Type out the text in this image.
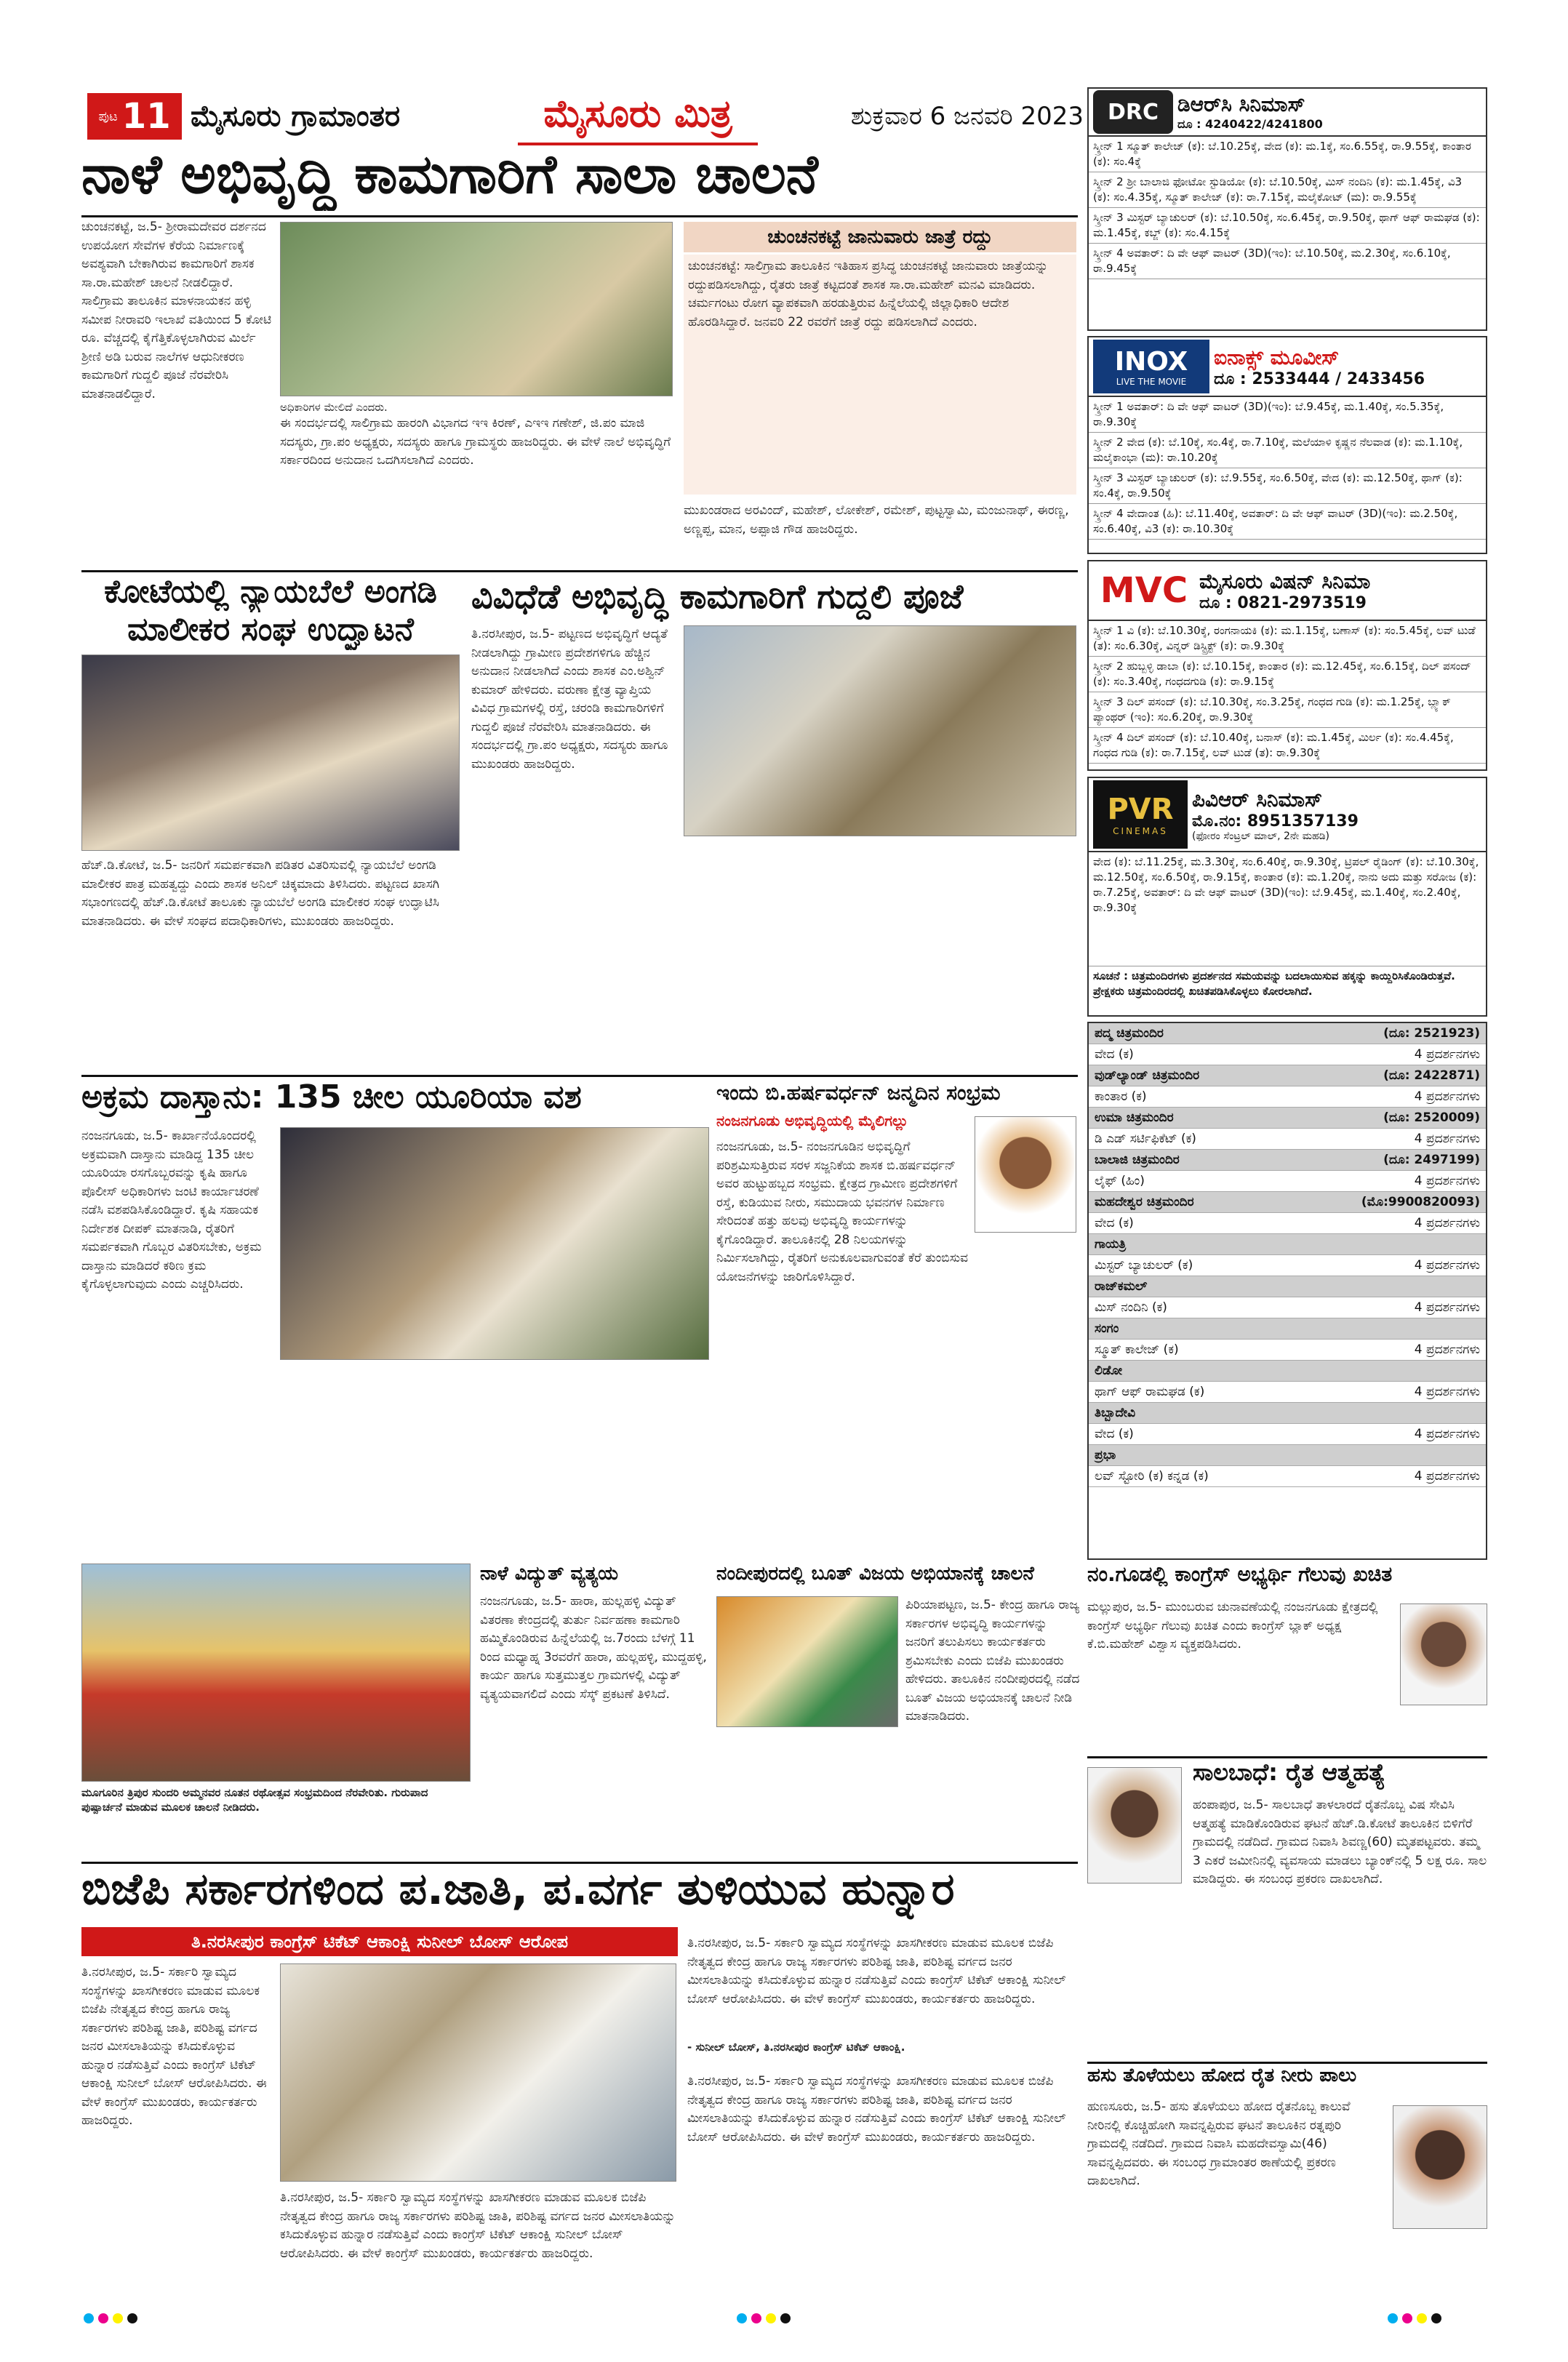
ಪುಟ 11 ಮೈಸೂರು ಗ್ರಾಮಾಂತರ	ಮೈಸೂರು ಮಿತ್ರ	ಶುಕ್ರವಾರ 6 ಜನವರಿ 2023
ನಾಳೆ ಅಭಿವೃದ್ಧಿ ಕಾಮಗಾರಿಗೆ ಸಾಲಾ ಚಾಲನೆ
ಚುಂಚನಕಟ್ಟೆ, ಜ.5- ಶ್ರೀರಾಮದೇವರ ದರ್ಶನದ ಉಪಯೋಗ ಸೇವೆಗಳ ಕೆರೆಯ ನಿರ್ಮಾಣಕ್ಕೆ ಅವಶ್ಯವಾಗಿ ಬೇಕಾಗಿರುವ ಕಾಮಗಾರಿಗೆ ಶಾಸಕ ಸಾ.ರಾ.ಮಹೇಶ್ ಚಾಲನೆ ನೀಡಲಿದ್ದಾರೆ. ಸಾಲಿಗ್ರಾಮ ತಾಲೂಕಿನ ಮಾಳನಾಯಕನ ಹಳ್ಳಿ ಸಮೀಪ ನೀರಾವರಿ ಇಲಾಖೆ ವತಿಯಿಂದ 5 ಕೋಟಿ ರೂ. ವೆಚ್ಚದಲ್ಲಿ ಕೈಗೆತ್ತಿಕೊಳ್ಳಲಾಗಿರುವ ಮಿರ್ಲೆ ಶ್ರೀಣಿ ಅಡಿ ಬರುವ ನಾಲೆಗಳ ಆಧುನೀಕರಣ ಕಾಮಗಾರಿಗೆ ಗುದ್ದಲಿ ಪೂಜೆ ನೆರವೇರಿಸಿ ಮಾತನಾಡಲಿದ್ದಾರೆ.
ಅಧಿಕಾರಿಗಳ ಮೇಲಿದೆ ಎಂದರು.
ಈ ಸಂದರ್ಭದಲ್ಲಿ ಸಾಲಿಗ್ರಾಮ ಹಾರಂಗಿ ವಿಭಾಗದ ಇಇ ಕಿರಣ್, ಎಇಇ ಗಣೇಶ್, ಜಿ.ಪಂ ಮಾಜಿ ಸದಸ್ಯರು, ಗ್ರಾ.ಪಂ ಅಧ್ಯಕ್ಷರು, ಸದಸ್ಯರು ಹಾಗೂ ಗ್ರಾಮಸ್ಥರು ಹಾಜರಿದ್ದರು. ಈ ವೇಳೆ ನಾಲೆ ಅಭಿವೃದ್ಧಿಗೆ ಸರ್ಕಾರದಿಂದ ಅನುದಾನ ಒದಗಿಸಲಾಗಿದೆ ಎಂದರು.
ಚುಂಚನಕಟ್ಟೆ ಜಾನುವಾರು ಜಾತ್ರೆ ರದ್ದು
ಚುಂಚನಕಟ್ಟೆ: ಸಾಲಿಗ್ರಾಮ ತಾಲೂಕಿನ ಇತಿಹಾಸ ಪ್ರಸಿದ್ಧ ಚುಂಚನಕಟ್ಟೆ ಜಾನುವಾರು ಜಾತ್ರೆಯನ್ನು ರದ್ದುಪಡಿಸಲಾಗಿದ್ದು, ರೈತರು ಜಾತ್ರೆ ಕಟ್ಟದಂತೆ ಶಾಸಕ ಸಾ.ರಾ.ಮಹೇಶ್ ಮನವಿ ಮಾಡಿದರು. ಚರ್ಮಗಂಟು ರೋಗ ವ್ಯಾಪಕವಾಗಿ ಹರಡುತ್ತಿರುವ ಹಿನ್ನೆಲೆಯಲ್ಲಿ ಜಿಲ್ಲಾಧಿಕಾರಿ ಆದೇಶ ಹೊರಡಿಸಿದ್ದಾರೆ. ಜನವರಿ 22 ರವರೆಗೆ ಜಾತ್ರೆ ರದ್ದು ಪಡಿಸಲಾಗಿದೆ ಎಂದರು.
ಮುಖಂಡರಾದ ಅರವಿಂದ್, ಮಹೇಶ್, ಲೋಕೇಶ್, ರಮೇಶ್, ಪುಟ್ಟಸ್ವಾಮಿ, ಮಂಜುನಾಥ್, ಈರಣ್ಣ, ಅಣ್ಣಪ್ಪ, ಮಾನ, ಅಪ್ಪಾಜಿ ಗೌಡ ಹಾಜರಿದ್ದರು.
ಕೋಟೆಯಲ್ಲಿ ನ್ಯಾಯಬೆಲೆ ಅಂಗಡಿ
ಮಾಲೀಕರ ಸಂಘ ಉದ್ಘಾಟನೆ
ಹೆಚ್.ಡಿ.ಕೋಟೆ, ಜ.5- ಜನರಿಗೆ ಸಮರ್ಪಕವಾಗಿ ಪಡಿತರ ವಿತರಿಸುವಲ್ಲಿ ನ್ಯಾಯಬೆಲೆ ಅಂಗಡಿ ಮಾಲೀಕರ ಪಾತ್ರ ಮಹತ್ವದ್ದು ಎಂದು ಶಾಸಕ ಅನಿಲ್ ಚಿಕ್ಕಮಾದು ತಿಳಿಸಿದರು. ಪಟ್ಟಣದ ಖಾಸಗಿ ಸಭಾಂಗಣದಲ್ಲಿ ಹೆಚ್.ಡಿ.ಕೋಟೆ ತಾಲೂಕು ನ್ಯಾಯಬೆಲೆ ಅಂಗಡಿ ಮಾಲೀಕರ ಸಂಘ ಉದ್ಘಾಟಿಸಿ ಮಾತನಾಡಿದರು. ಈ ವೇಳೆ ಸಂಘದ ಪದಾಧಿಕಾರಿಗಳು, ಮುಖಂಡರು ಹಾಜರಿದ್ದರು.
ವಿವಿಧೆಡೆ ಅಭಿವೃದ್ಧಿ ಕಾಮಗಾರಿಗೆ ಗುದ್ದಲಿ ಪೂಜೆ
ತಿ.ನರಸೀಪುರ, ಜ.5- ಪಟ್ಟಣದ ಅಭಿವೃದ್ಧಿಗೆ ಆದ್ಯತೆ ನೀಡಲಾಗಿದ್ದು ಗ್ರಾಮೀಣ ಪ್ರದೇಶಗಳಿಗೂ ಹೆಚ್ಚಿನ ಅನುದಾನ ನೀಡಲಾಗಿದೆ ಎಂದು ಶಾಸಕ ಎಂ.ಅಶ್ವಿನ್ ಕುಮಾರ್ ಹೇಳಿದರು. ವರುಣಾ ಕ್ಷೇತ್ರ ವ್ಯಾಪ್ತಿಯ ವಿವಿಧ ಗ್ರಾಮಗಳಲ್ಲಿ ರಸ್ತೆ, ಚರಂಡಿ ಕಾಮಗಾರಿಗಳಿಗೆ ಗುದ್ದಲಿ ಪೂಜೆ ನೆರವೇರಿಸಿ ಮಾತನಾಡಿದರು. ಈ ಸಂದರ್ಭದಲ್ಲಿ ಗ್ರಾ.ಪಂ ಅಧ್ಯಕ್ಷರು, ಸದಸ್ಯರು ಹಾಗೂ ಮುಖಂಡರು ಹಾಜರಿದ್ದರು.
ಅಕ್ರಮ ದಾಸ್ತಾನು: 135 ಚೀಲ ಯೂರಿಯಾ ವಶ
ನಂಜನಗೂಡು, ಜ.5- ಕಾರ್ಖಾನೆಯೊಂದರಲ್ಲಿ ಅಕ್ರಮವಾಗಿ ದಾಸ್ತಾನು ಮಾಡಿದ್ದ 135 ಚೀಲ ಯೂರಿಯಾ ರಸಗೊಬ್ಬರವನ್ನು ಕೃಷಿ ಹಾಗೂ ಪೊಲೀಸ್ ಅಧಿಕಾರಿಗಳು ಜಂಟಿ ಕಾರ್ಯಾಚರಣೆ ನಡೆಸಿ ವಶಪಡಿಸಿಕೊಂಡಿದ್ದಾರೆ. ಕೃಷಿ ಸಹಾಯಕ ನಿರ್ದೇಶಕ ದೀಪಕ್ ಮಾತನಾಡಿ, ರೈತರಿಗೆ ಸಮರ್ಪಕವಾಗಿ ಗೊಬ್ಬರ ವಿತರಿಸಬೇಕು, ಅಕ್ರಮ ದಾಸ್ತಾನು ಮಾಡಿದರೆ ಕಠಿಣ ಕ್ರಮ ಕೈಗೊಳ್ಳಲಾಗುವುದು ಎಂದು ಎಚ್ಚರಿಸಿದರು.
ಇಂದು ಬಿ.ಹರ್ಷವರ್ಧನ್ ಜನ್ಮದಿನ ಸಂಭ್ರಮ
ನಂಜನಗೂಡು ಅಭಿವೃದ್ಧಿಯಲ್ಲಿ ಮೈಲಿಗಲ್ಲು
ನಂಜನಗೂಡು, ಜ.5- ನಂಜನಗೂಡಿನ ಅಭಿವೃದ್ಧಿಗೆ ಪರಿಶ್ರಮಿಸುತ್ತಿರುವ ಸರಳ ಸಜ್ಜನಿಕೆಯ ಶಾಸಕ ಬಿ.ಹರ್ಷವರ್ಧನ್ ಅವರ ಹುಟ್ಟುಹಬ್ಬದ ಸಂಭ್ರಮ. ಕ್ಷೇತ್ರದ ಗ್ರಾಮೀಣ ಪ್ರದೇಶಗಳಿಗೆ ರಸ್ತೆ, ಕುಡಿಯುವ ನೀರು, ಸಮುದಾಯ ಭವನಗಳ ನಿರ್ಮಾಣ ಸೇರಿದಂತೆ ಹತ್ತು ಹಲವು ಅಭಿವೃದ್ಧಿ ಕಾರ್ಯಗಳನ್ನು ಕೈಗೊಂಡಿದ್ದಾರೆ. ತಾಲೂಕಿನಲ್ಲಿ 28 ನಿಲಯಗಳನ್ನು ನಿರ್ಮಿಸಲಾಗಿದ್ದು, ರೈತರಿಗೆ ಅನುಕೂಲವಾಗುವಂತೆ ಕೆರೆ ತುಂಬಿಸುವ ಯೋಜನೆಗಳನ್ನು ಜಾರಿಗೊಳಿಸಿದ್ದಾರೆ.
ಮೂಗೂರಿನ ತ್ರಿಪುರ ಸುಂದರಿ ಅಮ್ಮನವರ ನೂತನ ರಥೋತ್ಸವ ಸಂಭ್ರಮದಿಂದ ನೆರವೇರಿತು. ಗುರುಪಾದ ಪುಷ್ಪಾರ್ಚನೆ ಮಾಡುವ ಮೂಲಕ ಚಾಲನೆ ನೀಡಿದರು.
ನಾಳೆ ವಿದ್ಯುತ್ ವ್ಯತ್ಯಯ
ನಂಜನಗೂಡು, ಜ.5- ಹಾರಾ, ಹುಲ್ಲಹಳ್ಳಿ ವಿದ್ಯುತ್ ವಿತರಣಾ ಕೇಂದ್ರದಲ್ಲಿ ತುರ್ತು ನಿರ್ವಹಣಾ ಕಾಮಗಾರಿ ಹಮ್ಮಿಕೊಂಡಿರುವ ಹಿನ್ನೆಲೆಯಲ್ಲಿ ಜ.7ರಂದು ಬೆಳಗ್ಗೆ 11 ರಿಂದ ಮಧ್ಯಾಹ್ನ 3ರವರೆಗೆ ಹಾರಾ, ಹುಲ್ಲಹಳ್ಳಿ, ಮುದ್ದಹಳ್ಳಿ, ಕಾರ್ಯ ಹಾಗೂ ಸುತ್ತಮುತ್ತಲ ಗ್ರಾಮಗಳಲ್ಲಿ ವಿದ್ಯುತ್ ವ್ಯತ್ಯಯವಾಗಲಿದೆ ಎಂದು ಸೆಸ್ಕ್ ಪ್ರಕಟಣೆ ತಿಳಿಸಿದೆ.
ನಂದೀಪುರದಲ್ಲಿ ಬೂತ್ ವಿಜಯ ಅಭಿಯಾನಕ್ಕೆ ಚಾಲನೆ
ಪಿರಿಯಾಪಟ್ಟಣ, ಜ.5- ಕೇಂದ್ರ ಹಾಗೂ ರಾಜ್ಯ ಸರ್ಕಾರಗಳ ಅಭಿವೃದ್ಧಿ ಕಾರ್ಯಗಳನ್ನು ಜನರಿಗೆ ತಲುಪಿಸಲು ಕಾರ್ಯಕರ್ತರು ಶ್ರಮಿಸಬೇಕು ಎಂದು ಬಿಜೆಪಿ ಮುಖಂಡರು ಹೇಳಿದರು. ತಾಲೂಕಿನ ನಂದೀಪುರದಲ್ಲಿ ನಡೆದ ಬೂತ್ ವಿಜಯ ಅಭಿಯಾನಕ್ಕೆ ಚಾಲನೆ ನೀಡಿ ಮಾತನಾಡಿದರು.
ಬಿಜೆಪಿ ಸರ್ಕಾರಗಳಿಂದ ಪ.ಜಾತಿ, ಪ.ವರ್ಗ ತುಳಿಯುವ ಹುನ್ನಾರ
ತಿ.ನರಸೀಪುರ ಕಾಂಗ್ರೆಸ್ ಟಿಕೆಟ್ ಆಕಾಂಕ್ಷಿ ಸುನೀಲ್ ಬೋಸ್ ಆರೋಪ
ತಿ.ನರಸೀಪುರ, ಜ.5- ಸರ್ಕಾರಿ ಸ್ವಾಮ್ಯದ ಸಂಸ್ಥೆಗಳನ್ನು ಖಾಸಗೀಕರಣ ಮಾಡುವ ಮೂಲಕ ಬಿಜೆಪಿ ನೇತೃತ್ವದ ಕೇಂದ್ರ ಹಾಗೂ ರಾಜ್ಯ ಸರ್ಕಾರಗಳು ಪರಿಶಿಷ್ಟ ಜಾತಿ, ಪರಿಶಿಷ್ಟ ವರ್ಗದ ಜನರ ಮೀಸಲಾತಿಯನ್ನು ಕಸಿದುಕೊಳ್ಳುವ ಹುನ್ನಾರ ನಡೆಸುತ್ತಿವೆ ಎಂದು ಕಾಂಗ್ರೆಸ್ ಟಿಕೆಟ್ ಆಕಾಂಕ್ಷಿ ಸುನೀಲ್ ಬೋಸ್ ಆರೋಪಿಸಿದರು. ಈ ವೇಳೆ ಕಾಂಗ್ರೆಸ್ ಮುಖಂಡರು, ಕಾರ್ಯಕರ್ತರು ಹಾಜರಿದ್ದರು.
ತಿ.ನರಸೀಪುರ, ಜ.5- ಸರ್ಕಾರಿ ಸ್ವಾಮ್ಯದ ಸಂಸ್ಥೆಗಳನ್ನು ಖಾಸಗೀಕರಣ ಮಾಡುವ ಮೂಲಕ ಬಿಜೆಪಿ ನೇತೃತ್ವದ ಕೇಂದ್ರ ಹಾಗೂ ರಾಜ್ಯ ಸರ್ಕಾರಗಳು ಪರಿಶಿಷ್ಟ ಜಾತಿ, ಪರಿಶಿಷ್ಟ ವರ್ಗದ ಜನರ ಮೀಸಲಾತಿಯನ್ನು ಕಸಿದುಕೊಳ್ಳುವ ಹುನ್ನಾರ ನಡೆಸುತ್ತಿವೆ ಎಂದು ಕಾಂಗ್ರೆಸ್ ಟಿಕೆಟ್ ಆಕಾಂಕ್ಷಿ ಸುನೀಲ್ ಬೋಸ್ ಆರೋಪಿಸಿದರು. ಈ ವೇಳೆ ಕಾಂಗ್ರೆಸ್ ಮುಖಂಡರು, ಕಾರ್ಯಕರ್ತರು ಹಾಜರಿದ್ದರು.
- ಸುನೀಲ್ ಬೋಸ್, ತಿ.ನರಸೀಪುರ ಕಾಂಗ್ರೆಸ್ ಟಿಕೆಟ್ ಆಕಾಂಕ್ಷಿ.
DRC ಡಿಆರ್‌ಸಿ ಸಿನಿಮಾಸ್
ದೂ : 4240422/4241800
ಸ್ಕ್ರೀನ್ 1 ಸ್ಮೂತ್ ಕಾಲೇಜ್ (ಕ): ಬೆ.10.25ಕ್ಕೆ, ವೇದ (ಕ): ಮ.1ಕ್ಕೆ, ಸಂ.6.55ಕ್ಕೆ, ರಾ.9.55ಕ್ಕೆ, ಕಾಂತಾರ (ಕ): ಸಂ.4ಕ್ಕೆ
ಸ್ಕ್ರೀನ್ 2 ಶ್ರೀ ಬಾಲಾಜಿ ಫೋಟೋ ಸ್ಟುಡಿಯೋ (ಕ): ಬೆ.10.50ಕ್ಕೆ, ಮಿಸ್ ನಂದಿನಿ (ಕ): ಮ.1.45ಕ್ಕೆ, ವಿ3 (ಕ): ಸಂ.4.35ಕ್ಕೆ, ಸ್ಮೂತ್ ಕಾಲೇಜ್ (ಕ): ರಾ.7.15ಕ್ಕೆ, ಮಲೈಕೋಟ್ (ಮ): ರಾ.9.55ಕ್ಕೆ
ಸ್ಕ್ರೀನ್ 3 ಮಿಸ್ಟರ್ ಬ್ಯಾಚುಲರ್ (ಕ): ಬೆ.10.50ಕ್ಕೆ, ಸಂ.6.45ಕ್ಕೆ, ರಾ.9.50ಕ್ಕೆ, ಥಾಗ್ ಆಫ್ ರಾಮಘಡ (ಕ): ಮ.1.45ಕ್ಕೆ, ಕಬ್ಜ್ (ಕ): ಸಂ.4.15ಕ್ಕೆ
ಸ್ಕ್ರೀನ್ 4 ಅವತಾರ್: ದಿ ವೇ ಆಫ್ ವಾಟರ್ (3D)(ಇಂ): ಬೆ.10.50ಕ್ಕೆ, ಮ.2.30ಕ್ಕೆ, ಸಂ.6.10ಕ್ಕೆ, ರಾ.9.45ಕ್ಕೆ
INOX
LIVE THE MOVIE
ಐನಾಕ್ಸ್ ಮೂವೀಸ್
ದೂ : 2533444 / 2433456
ಸ್ಕ್ರೀನ್ 1 ಅವತಾರ್: ದಿ ವೇ ಆಫ್ ವಾಟರ್ (3D)(ಇಂ): ಬೆ.9.45ಕ್ಕೆ, ಮ.1.40ಕ್ಕೆ, ಸಂ.5.35ಕ್ಕೆ, ರಾ.9.30ಕ್ಕೆ
ಸ್ಕ್ರೀನ್ 2 ವೇದ (ಕ): ಬೆ.10ಕ್ಕೆ, ಸಂ.4ಕ್ಕೆ, ರಾ.7.10ಕ್ಕೆ, ಮಲೆಯಾಳಿ ಕೃಷ್ಣನ ನೆಲವಾಡ (ಕ): ಮ.1.10ಕ್ಕೆ, ಮಲೈಕಾಂಭಾ (ಮ): ರಾ.10.20ಕ್ಕೆ
ಸ್ಕ್ರೀನ್ 3 ಮಿಸ್ಟರ್ ಬ್ಯಾಚುಲರ್ (ಕ): ಬೆ.9.55ಕ್ಕೆ, ಸಂ.6.50ಕ್ಕೆ, ವೇದ (ಕ): ಮ.12.50ಕ್ಕೆ, ಥಾಗ್ (ಕ): ಸಂ.4ಕ್ಕೆ, ರಾ.9.50ಕ್ಕೆ
ಸ್ಕ್ರೀನ್ 4 ವೇದಾಂತ (ಹಿ): ಬೆ.11.40ಕ್ಕೆ, ಅವತಾರ್: ದಿ ವೇ ಆಫ್ ವಾಟರ್ (3D)(ಇಂ): ಮ.2.50ಕ್ಕೆ, ಸಂ.6.40ಕ್ಕೆ, ವಿ3 (ಕ): ರಾ.10.30ಕ್ಕೆ
MVC ಮೈಸೂರು ವಿಷನ್ ಸಿನಿಮಾ
ದೂ : 0821-2973519
ಸ್ಕ್ರೀನ್ 1 ವಿ (ಕ): ಬೆ.10.30ಕ್ಕೆ, ರಂಗನಾಯಕಿ (ಕ): ಮ.1.15ಕ್ಕೆ, ಬಣಾಸ್ (ಕ): ಸಂ.5.45ಕ್ಕೆ, ಲವ್ ಟುಡೆ (ತ): ಸಂ.6.30ಕ್ಕೆ, ವಿನ್ನರ್ ಡಿಸ್ಟ್ರಿಕ್ಟ್ (ಕ): ರಾ.9.30ಕ್ಕೆ
ಸ್ಕ್ರೀನ್ 2 ಹುಬ್ಬಳ್ಳಿ ಡಾಬಾ (ಕ): ಬೆ.10.15ಕ್ಕೆ, ಕಾಂತಾರ (ಕ): ಮ.12.45ಕ್ಕೆ, ಸಂ.6.15ಕ್ಕೆ, ದಿಲ್ ಪಸಂದ್ (ಕ): ಸಂ.3.40ಕ್ಕೆ, ಗಂಧದಗುಡಿ (ಕ): ರಾ.9.15ಕ್ಕೆ
ಸ್ಕ್ರೀನ್ 3 ದಿಲ್ ಪಸಂದ್ (ಕ): ಬೆ.10.30ಕ್ಕೆ, ಸಂ.3.25ಕ್ಕೆ, ಗಂಧದ ಗುಡಿ (ಕ): ಮ.1.25ಕ್ಕೆ, ಬ್ಲ್ಯಾಕ್ ಪ್ಯಾಂಥರ್ (ಇಂ): ಸಂ.6.20ಕ್ಕೆ, ರಾ.9.30ಕ್ಕೆ
ಸ್ಕ್ರೀನ್ 4 ದಿಲ್ ಪಸಂದ್ (ಕ): ಬೆ.10.40ಕ್ಕೆ, ಬನಾಸ್ (ಕ): ಮ.1.45ಕ್ಕೆ, ಮಿರ್ಲ (ಕ): ಸಂ.4.45ಕ್ಕೆ, ಗಂಧದ ಗುಡಿ (ಕ): ರಾ.7.15ಕ್ಕೆ, ಲವ್ ಟುಡೆ (ತ): ರಾ.9.30ಕ್ಕೆ
PVR
CINEMAS
ಪಿವಿಆರ್ ಸಿನಿಮಾಸ್
ಮೊ.ನಂ: 8951357139
(ಫೋರಂ ಸೆಂಟ್ರಲ್ ಮಾಲ್, 2ನೇ ಮಹಡಿ)
ವೇದ (ಕ): ಬೆ.11.25ಕ್ಕೆ, ಮ.3.30ಕ್ಕೆ, ಸಂ.6.40ಕ್ಕೆ, ರಾ.9.30ಕ್ಕೆ, ಟ್ರಿಪಲ್ ರೈಡಿಂಗ್ (ಕ): ಬೆ.10.30ಕ್ಕೆ, ಮ.12.50ಕ್ಕೆ, ಸಂ.6.50ಕ್ಕೆ, ರಾ.9.15ಕ್ಕೆ, ಕಾಂತಾರ (ಕ): ಮ.1.20ಕ್ಕೆ, ನಾನು ಅದು ಮತ್ತು ಸರೋಜ (ಕ): ರಾ.7.25ಕ್ಕೆ, ಅವತಾರ್: ದಿ ವೇ ಆಫ್ ವಾಟರ್ (3D)(ಇಂ): ಬೆ.9.45ಕ್ಕೆ, ಮ.1.40ಕ್ಕೆ, ಸಂ.2.40ಕ್ಕೆ, ರಾ.9.30ಕ್ಕೆ
ಸೂಚನೆ : ಚಿತ್ರಮಂದಿರಗಳು ಪ್ರದರ್ಶನದ ಸಮಯವನ್ನು ಬದಲಾಯಿಸುವ ಹಕ್ಕನ್ನು ಕಾಯ್ದಿರಿಸಿಕೊಂಡಿರುತ್ತವೆ. ಪ್ರೇಕ್ಷಕರು ಚಿತ್ರಮಂದಿರದಲ್ಲಿ ಖಚಿತಪಡಿಸಿಕೊಳ್ಳಲು ಕೋರಲಾಗಿದೆ.
ಪದ್ಮ ಚಿತ್ರಮಂದಿರ	(ದೂ: 2521923)
ವೇದ (ಕ)	4 ಪ್ರದರ್ಶನಗಳು
ವುಡ್‌ಲ್ಯಾಂಡ್ ಚಿತ್ರಮಂದಿರ	(ದೂ: 2422871)
ಕಾಂತಾರ (ಕ)	4 ಪ್ರದರ್ಶನಗಳು
ಉಮಾ ಚಿತ್ರಮಂದಿರ	(ದೂ: 2520009)
ಡಿ ಎಡ್ ಸರ್ಟಿಫಿಕೆಟ್ (ಕ)	4 ಪ್ರದರ್ಶನಗಳು
ಬಾಲಾಜಿ ಚಿತ್ರಮಂದಿರ	(ದೂ: 2497199)
ಲೈಫ್ (ಹಿಂ)	4 ಪ್ರದರ್ಶನಗಳು
ಮಹದೇಶ್ವರ ಚಿತ್ರಮಂದಿರ	(ಮೊ:9900820093)
ವೇದ (ಕ)	4 ಪ್ರದರ್ಶನಗಳು
ಗಾಯತ್ರಿ	
ಮಿಸ್ಟರ್ ಬ್ಯಾಚುಲರ್ (ಕ)	4 ಪ್ರದರ್ಶನಗಳು
ರಾಜ್‌ಕಮಲ್	
ಮಿಸ್ ನಂದಿನಿ (ಕ)	4 ಪ್ರದರ್ಶನಗಳು
ಸಂಗಂ	
ಸ್ಮೂತ್ ಕಾಲೇಜ್ (ಕ)	4 ಪ್ರದರ್ಶನಗಳು
ಲಿಡೋ	
ಥಾಗ್ ಆಫ್ ರಾಮಘಡ (ಕ)	4 ಪ್ರದರ್ಶನಗಳು
ತಿಬ್ಬಾದೇವಿ	
ವೇದ (ಕ)	4 ಪ್ರದರ್ಶನಗಳು
ಪ್ರಭಾ	
ಲವ್ ಸ್ಟೋರಿ (ಕ) ಕನ್ನಡ (ಕ)	4 ಪ್ರದರ್ಶನಗಳು
ನಂ.ಗೂಡಲ್ಲಿ ಕಾಂಗ್ರೆಸ್ ಅಭ್ಯರ್ಥಿ ಗೆಲುವು ಖಚಿತ
ಮಲ್ಲುಪುರ, ಜ.5- ಮುಂಬರುವ ಚುನಾವಣೆಯಲ್ಲಿ ನಂಜನಗೂಡು ಕ್ಷೇತ್ರದಲ್ಲಿ ಕಾಂಗ್ರೆಸ್ ಅಭ್ಯರ್ಥಿ ಗೆಲುವು ಖಚಿತ ಎಂದು ಕಾಂಗ್ರೆಸ್ ಬ್ಲಾಕ್ ಅಧ್ಯಕ್ಷ ಕೆ.ಬಿ.ಮಹೇಶ್ ವಿಶ್ವಾಸ ವ್ಯಕ್ತಪಡಿಸಿದರು.
ಸಾಲಬಾಧೆ: ರೈತ ಆತ್ಮಹತ್ಯೆ
ಹಂಪಾಪುರ, ಜ.5- ಸಾಲಬಾಧೆ ತಾಳಲಾರದೆ ರೈತನೊಬ್ಬ ವಿಷ ಸೇವಿಸಿ ಆತ್ಮಹತ್ಯೆ ಮಾಡಿಕೊಂಡಿರುವ ಘಟನೆ ಹೆಚ್.ಡಿ.ಕೋಟೆ ತಾಲೂಕಿನ ಬಿಳಿಗೆರೆ ಗ್ರಾಮದಲ್ಲಿ ನಡೆದಿದೆ. ಗ್ರಾಮದ ನಿವಾಸಿ ಶಿವಣ್ಣ(60) ಮೃತಪಟ್ಟವರು. ತಮ್ಮ 3 ಎಕರೆ ಜಮೀನಿನಲ್ಲಿ ವ್ಯವಸಾಯ ಮಾಡಲು ಬ್ಯಾಂಕ್‌ನಲ್ಲಿ 5 ಲಕ್ಷ ರೂ. ಸಾಲ ಮಾಡಿದ್ದರು. ಈ ಸಂಬಂಧ ಪ್ರಕರಣ ದಾಖಲಾಗಿದೆ.
ಹಸು ತೊಳೆಯಲು ಹೋದ ರೈತ ನೀರು ಪಾಲು
ಹುಣಸೂರು, ಜ.5- ಹಸು ತೊಳೆಯಲು ಹೋದ ರೈತನೊಬ್ಬ ಕಾಲುವೆ ನೀರಿನಲ್ಲಿ ಕೊಚ್ಚಿಹೋಗಿ ಸಾವನ್ನಪ್ಪಿರುವ ಘಟನೆ ತಾಲೂಕಿನ ರತ್ನಪುರಿ ಗ್ರಾಮದಲ್ಲಿ ನಡೆದಿದೆ. ಗ್ರಾಮದ ನಿವಾಸಿ ಮಹದೇವಸ್ವಾಮಿ(46) ಸಾವನ್ನಪ್ಪಿದವರು. ಈ ಸಂಬಂಧ ಗ್ರಾಮಾಂತರ ಠಾಣೆಯಲ್ಲಿ ಪ್ರಕರಣ ದಾಖಲಾಗಿದೆ.
ತಿ.ನರಸೀಪುರ, ಜ.5- ಸರ್ಕಾರಿ ಸ್ವಾಮ್ಯದ ಸಂಸ್ಥೆಗಳನ್ನು ಖಾಸಗೀಕರಣ ಮಾಡುವ ಮೂಲಕ ಬಿಜೆಪಿ ನೇತೃತ್ವದ ಕೇಂದ್ರ ಹಾಗೂ ರಾಜ್ಯ ಸರ್ಕಾರಗಳು ಪರಿಶಿಷ್ಟ ಜಾತಿ, ಪರಿಶಿಷ್ಟ ವರ್ಗದ ಜನರ ಮೀಸಲಾತಿಯನ್ನು ಕಸಿದುಕೊಳ್ಳುವ ಹುನ್ನಾರ ನಡೆಸುತ್ತಿವೆ ಎಂದು ಕಾಂಗ್ರೆಸ್ ಟಿಕೆಟ್ ಆಕಾಂಕ್ಷಿ ಸುನೀಲ್ ಬೋಸ್ ಆರೋಪಿಸಿದರು. ಈ ವೇಳೆ ಕಾಂಗ್ರೆಸ್ ಮುಖಂಡರು, ಕಾರ್ಯಕರ್ತರು ಹಾಜರಿದ್ದರು.
ತಿ.ನರಸೀಪುರ, ಜ.5- ಸರ್ಕಾರಿ ಸ್ವಾಮ್ಯದ ಸಂಸ್ಥೆಗಳನ್ನು ಖಾಸಗೀಕರಣ ಮಾಡುವ ಮೂಲಕ ಬಿಜೆಪಿ ನೇತೃತ್ವದ ಕೇಂದ್ರ ಹಾಗೂ ರಾಜ್ಯ ಸರ್ಕಾರಗಳು ಪರಿಶಿಷ್ಟ ಜಾತಿ, ಪರಿಶಿಷ್ಟ ವರ್ಗದ ಜನರ ಮೀಸಲಾತಿಯನ್ನು ಕಸಿದುಕೊಳ್ಳುವ ಹುನ್ನಾರ ನಡೆಸುತ್ತಿವೆ ಎಂದು ಕಾಂಗ್ರೆಸ್ ಟಿಕೆಟ್ ಆಕಾಂಕ್ಷಿ ಸುನೀಲ್ ಬೋಸ್ ಆರೋಪಿಸಿದರು. ಈ ವೇಳೆ ಕಾಂಗ್ರೆಸ್ ಮುಖಂಡರು, ಕಾರ್ಯಕರ್ತರು ಹಾಜರಿದ್ದರು.
